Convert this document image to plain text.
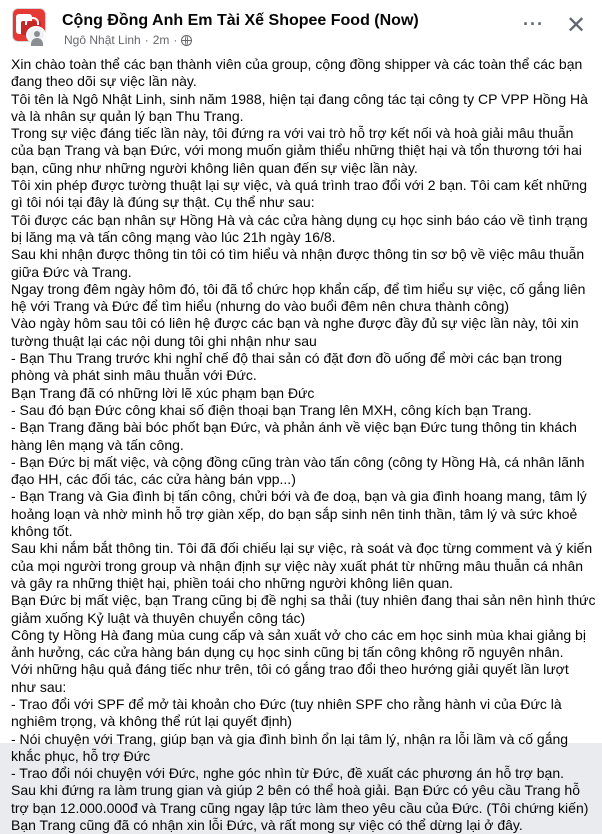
Cộng Đồng Anh Em Tài Xế Shopee Food (Now)
Ngô Nhật Linh · 2m ·
··· ✕

Xin chào toàn thể các bạn thành viên của group, cộng đồng shipper và các toàn thể các bạn đang theo dõi sự việc lần này.

Tôi tên là Ngô Nhật Linh, sinh năm 1988, hiện tại đang công tác tại công ty CP VPP Hồng Hà và là nhân sự quản lý bạn Thu Trang.

Trong sự việc đáng tiếc lần này, tôi đứng ra với vai trò hỗ trợ kết nối và hoà giải mâu thuẫn của bạn Trang và bạn Đức, với mong muốn giảm thiểu những thiệt hại và tổn thương tới hai bạn, cũng như những người không liên quan đến sự việc lần này.

Tôi xin phép được tường thuật lại sự việc, và quá trình trao đổi với 2 bạn. Tôi cam kết những gì tôi nói tại đây là đúng sự thật. Cụ thể như sau:

Tôi được các bạn nhân sự Hồng Hà và các cửa hàng dụng cụ học sinh báo cáo về tình trạng bị lăng mạ và tấn công mạng vào lúc 21h ngày 16/8.

Sau khi nhận được thông tin tôi có tìm hiểu và nhận được thông tin sơ bộ về việc mâu thuẫn giữa Đức và Trang.

Ngay trong đêm ngày hôm đó, tôi đã tổ chức họp khẩn cấp, để tìm hiểu sự việc, cố gắng liên hệ với Trang và Đức để tìm hiểu (nhưng do vào buổi đêm nên chưa thành công)

Vào ngày hôm sau tôi có liên hệ được các bạn và nghe được đầy đủ sự việc lần này, tôi xin tường thuật lại các nội dung tôi ghi nhận như sau

- Bạn Thu Trang trước khi nghỉ chế độ thai sản có đặt đơn đồ uống để mời các bạn trong phòng và phát sinh mâu thuẫn với Đức.

Bạn Trang đã có những lời lẽ xúc phạm bạn Đức

- Sau đó bạn Đức công khai số điện thoại bạn Trang lên MXH, công kích bạn Trang.

- Bạn Trang đăng bài bóc phốt bạn Đức, và phản ánh về việc bạn Đức tung thông tin khách hàng lên mạng và tấn công.

- Bạn Đức bị mất việc, và cộng đồng cũng tràn vào tấn công (công ty Hồng Hà, cá nhân lãnh đạo HH, các đối tác, các cửa hàng bán vpp...)

- Bạn Trang và Gia đình bị tấn công, chửi bới và đe doạ, bạn và gia đình hoang mang, tâm lý hoảng loạn và nhờ mình hỗ trợ giàn xếp, do bạn sắp sinh nên tinh thần, tâm lý và sức khoẻ không tốt.

Sau khi nắm bắt thông tin. Tôi đã đối chiếu lại sự việc, rà soát và đọc từng comment và ý kiến của mọi người trong group và nhận định sự việc này xuất phát từ những mâu thuẫn cá nhân và gây ra những thiệt hại, phiền toái cho những người không liên quan.

Bạn Đức bị mất việc, bạn Trang cũng bị đề nghị sa thải (tuy nhiên đang thai sản nên hình thức giảm xuống Kỷ luật và thuyên chuyển công tác)

Công ty Hồng Hà đang mùa cung cấp và sản xuất vở cho các em học sinh mùa khai giảng bị ảnh hưởng, các cửa hàng bán dụng cụ học sinh cũng bị tấn công không rõ nguyên nhân.

Với những hậu quả đáng tiếc như trên, tôi có gắng trao đổi theo hướng giải quyết lần lượt như sau:

- Trao đổi với SPF để mở tài khoản cho Đức (tuy nhiên SPF cho rằng hành vi của Đức là nghiêm trọng, và không thể rút lại quyết định)

- Nói chuyện với Trang, giúp bạn và gia đình bình ổn lại tâm lý, nhận ra lỗi lầm và cố gắng khắc phục, hỗ trợ Đức

- Trao đổi nói chuyện với Đức, nghe góc nhìn từ Đức, đề xuất các phương án hỗ trợ bạn.

Sau khi đứng ra làm trung gian và giúp 2 bên có thể hoà giải. Bạn Đức có yêu cầu Trang hỗ trợ bạn 12.000.000đ và Trang cũng ngay lập tức làm theo yêu cầu của Đức. (Tôi chứng kiến)

Bạn Trang cũng đã có nhận xin lỗi Đức, và rất mong sự việc có thể dừng lại ở đây.
